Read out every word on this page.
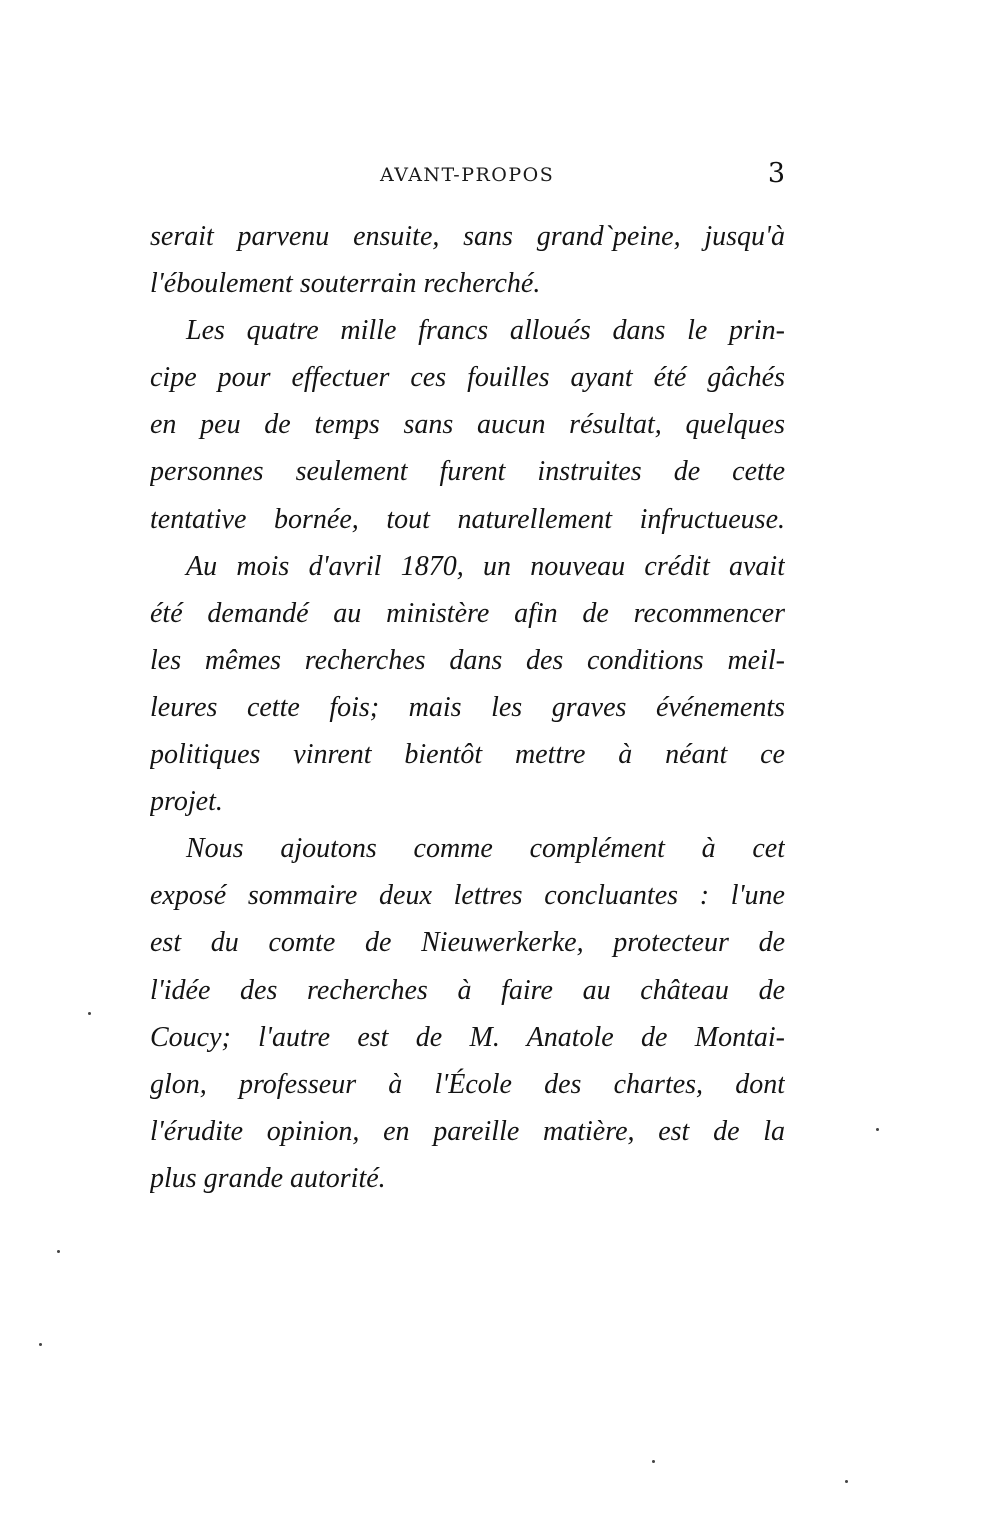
AVANT-PROPOS	3
serait parvenu ensuite, sans grand`peine, jusqu'à
l'éboulement souterrain recherché.
Les quatre mille francs alloués dans le prin-
cipe pour effectuer ces fouilles ayant été gâchés
en peu de temps sans aucun résultat, quelques
personnes seulement furent instruites de cette
tentative bornée, tout naturellement infructueuse.
Au mois d'avril 1870, un nouveau crédit avait
été demandé au ministère afin de recommencer
les mêmes recherches dans des conditions meil-
leures cette fois; mais les graves événements
politiques vinrent bientôt mettre à néant ce
projet.
Nous ajoutons comme complément à cet
exposé sommaire deux lettres concluantes : l'une
est du comte de Nieuwerkerke, protecteur de
l'idée des recherches à faire au château de
Coucy; l'autre est de M. Anatole de Montai-
glon, professeur à l'École des chartes, dont
l'érudite opinion, en pareille matière, est de la
plus grande autorité.
